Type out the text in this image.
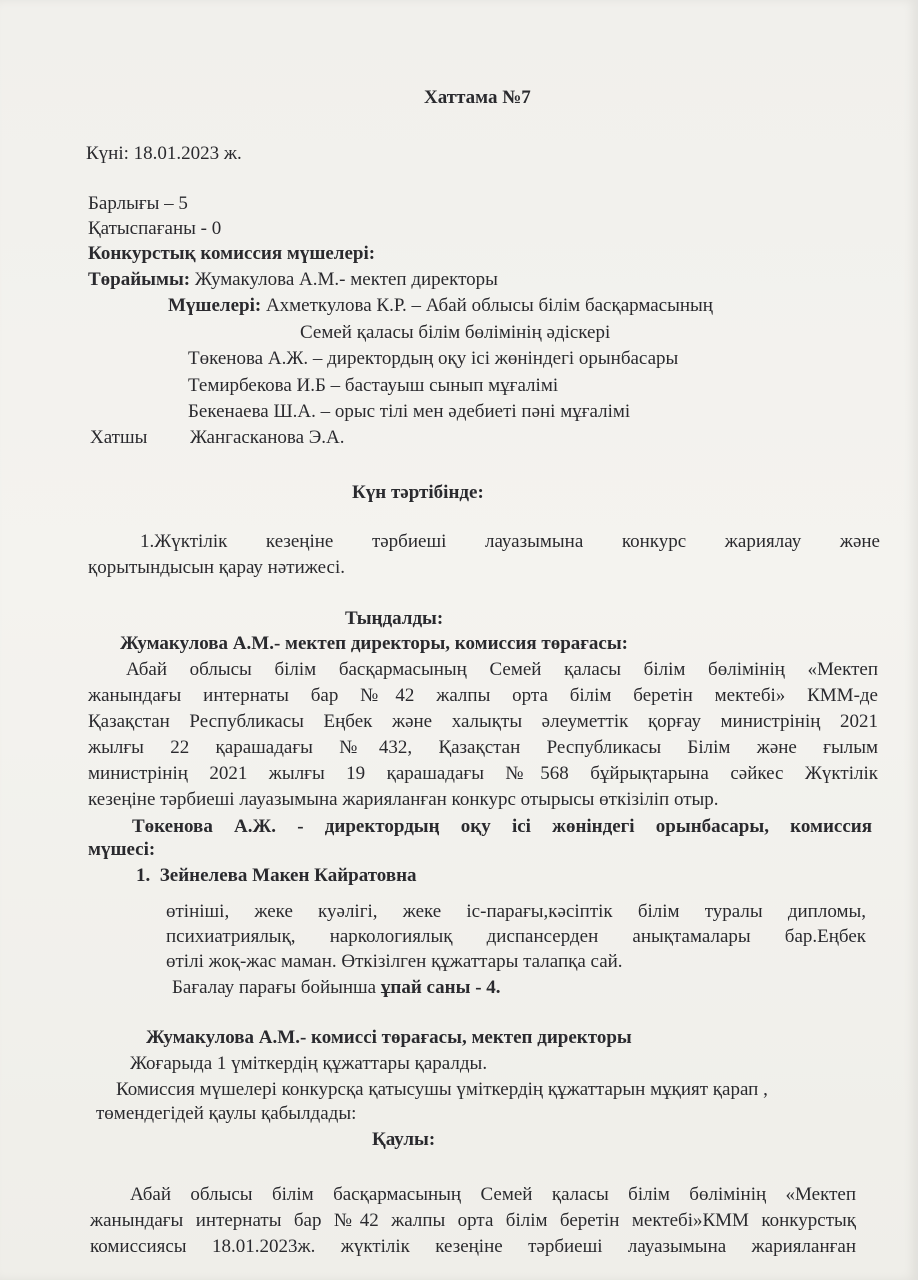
Хаттама №7
Күні: 18.01.2023 ж.
Барлығы – 5
Қатыспағаны - 0
Конкурстық комиссия мүшелері:
Төрайымы: Жумакулова А.М.- мектеп директоры
Мүшелері: Ахметкулова К.Р. – Абай облысы білім басқармасының
Семей қаласы білім бөлімінің әдіскері
Төкенова А.Ж. – директордың оқу ісі жөніндегі орынбасары
Темирбекова И.Б – бастауыш сынып мұғалімі
Бекенаева Ш.А. – орыс тілі мен әдебиеті пәні мұғалімі
Хатшы Жангасканова Э.А.
Күн тәртібінде:
1.Жүктілік кезеңіне тәрбиеші лауазымына конкурс жариялау және
қорытындысын қарау нәтижесі.
Тыңдалды:
Жумакулова А.М.- мектеп директоры, комиссия төрағасы:
Абай облысы білім басқармасының Семей қаласы білім бөлімінің «Мектеп
жанындағы интернаты бар №42 жалпы орта білім беретін мектебі» КММ-де
Қазақстан Республикасы Еңбек және халықты әлеуметтік қорғау министрінің 2021
жылғы 22 қарашадағы №432, Қазақстан Республикасы Білім және ғылым
министрінің 2021 жылғы 19 қарашадағы №568 бұйрықтарына сәйкес Жүктілік
кезеңіне тәрбиеші лауазымына жарияланған конкурс отырысы өткізіліп отыр.
Төкенова А.Ж. - директордың оқу ісі жөніндегі орынбасары, комиссия
мүшесі:
1. Зейнелева Макен Кайратовна
өтініші, жеке куәлігі, жеке іс-парағы,кәсіптік білім туралы дипломы,
психиатриялық, наркологиялық диспансерден анықтамалары бар.Еңбек
өтілі жоқ-жас маман. Өткізілген құжаттары талапқа сай.
Бағалау парағы бойынша ұпай саны - 4.
Жумакулова А.М.- комиссі төрағасы, мектеп директоры
Жоғарыда 1 үміткердің құжаттары қаралды.
Комиссия мүшелері конкурсқа қатысушы үміткердің құжаттарын мұқият қарап ,
төмендегідей қаулы қабылдады:
Қаулы:
Абай облысы білім басқармасының Семей қаласы білім бөлімінің «Мектеп
жанындағы интернаты бар №42 жалпы орта білім беретін мектебі»КММ конкурстық
комиссиясы 18.01.2023ж. жүктілік кезеңіне тәрбиеші лауазымына жарияланған
